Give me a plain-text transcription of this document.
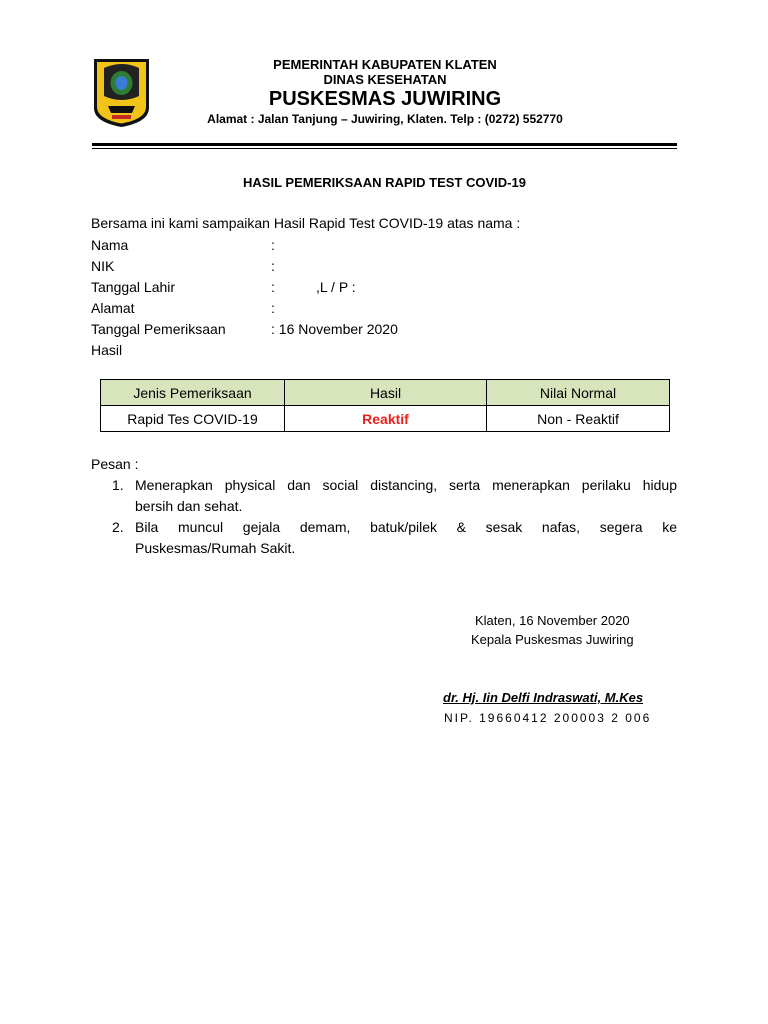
PEMERINTAH KABUPATEN KLATEN
DINAS KESEHATAN
PUSKESMAS JUWIRING
Alamat : Jalan Tanjung – Juwiring, Klaten. Telp : (0272) 552770
HASIL PEMERIKSAAN RAPID TEST COVID-19
Bersama ini kami sampaikan Hasil Rapid Test COVID-19 atas nama :
Nama	:
NIK	:
Tanggal Lahir	:	,L / P :
Alamat	:
Tanggal Pemeriksaan	: 16 November 2020
Hasil
Jenis Pemeriksaan	Hasil	Nilai Normal
Rapid Tes COVID-19	Reaktif	Non - Reaktif
Pesan :
1. Menerapkan physical dan social distancing, serta menerapkan perilaku hidup
bersih dan sehat.
2. Bila muncul gejala demam, batuk/pilek & sesak nafas, segera ke
Puskesmas/Rumah Sakit.
Klaten, 16 November 2020
Kepala Puskesmas Juwiring
dr. Hj. Iin Delfi Indraswati, M.Kes
NIP. 19660412 200003 2 006
